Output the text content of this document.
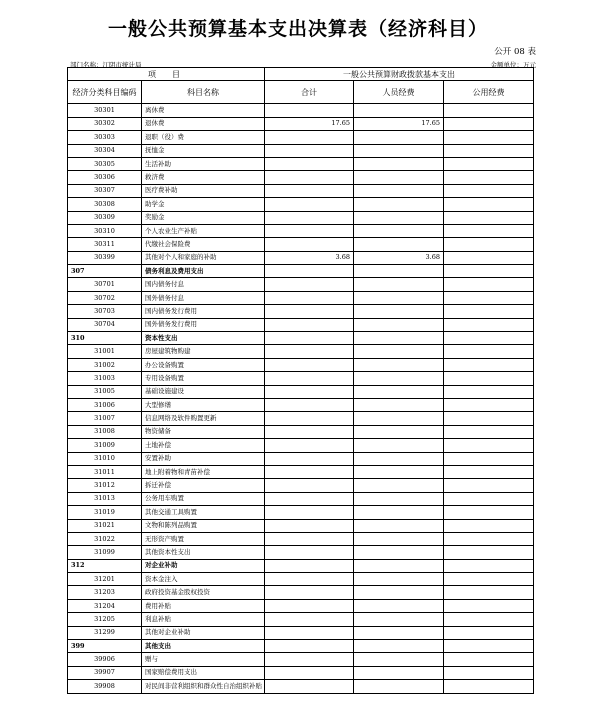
一般公共预算基本支出决算表（经济科目）
公开 08 表
部门名称：江阴市统计局	金额单位：万元
项　　目		一般公共预算财政拨款基本支出		
经济分类科目编码	科目名称	合计	人员经费	公用经费
30301	离休费			
30302	退休费	17.65	17.65	
30303	退职（役）费			
30304	抚恤金			
30305	生活补助			
30306	救济费			
30307	医疗费补助			
30308	助学金			
30309	奖励金			
30310	个人农业生产补贴			
30311	代缴社会保险费			
30399	其他对个人和家庭的补助	3.68	3.68	
307	债务利息及费用支出			
30701	国内债务付息			
30702	国外债务付息			
30703	国内债务发行费用			
30704	国外债务发行费用			
310	资本性支出			
31001	房屋建筑物购建			
31002	办公设备购置			
31003	专用设备购置			
31005	基础设施建设			
31006	大型修缮			
31007	信息网络及软件购置更新			
31008	物资储备			
31009	土地补偿			
31010	安置补助			
31011	地上附着物和青苗补偿			
31012	拆迁补偿			
31013	公务用车购置			
31019	其他交通工具购置			
31021	文物和陈列品购置			
31022	无形资产购置			
31099	其他资本性支出			
312	对企业补助			
31201	资本金注入			
31203	政府投资基金股权投资			
31204	费用补贴			
31205	利息补贴			
31299	其他对企业补助			
399	其他支出			
39906	赠与			
39907	国家赔偿费用支出			
39908	对民间非营利组织和群众性自治组织补贴			
